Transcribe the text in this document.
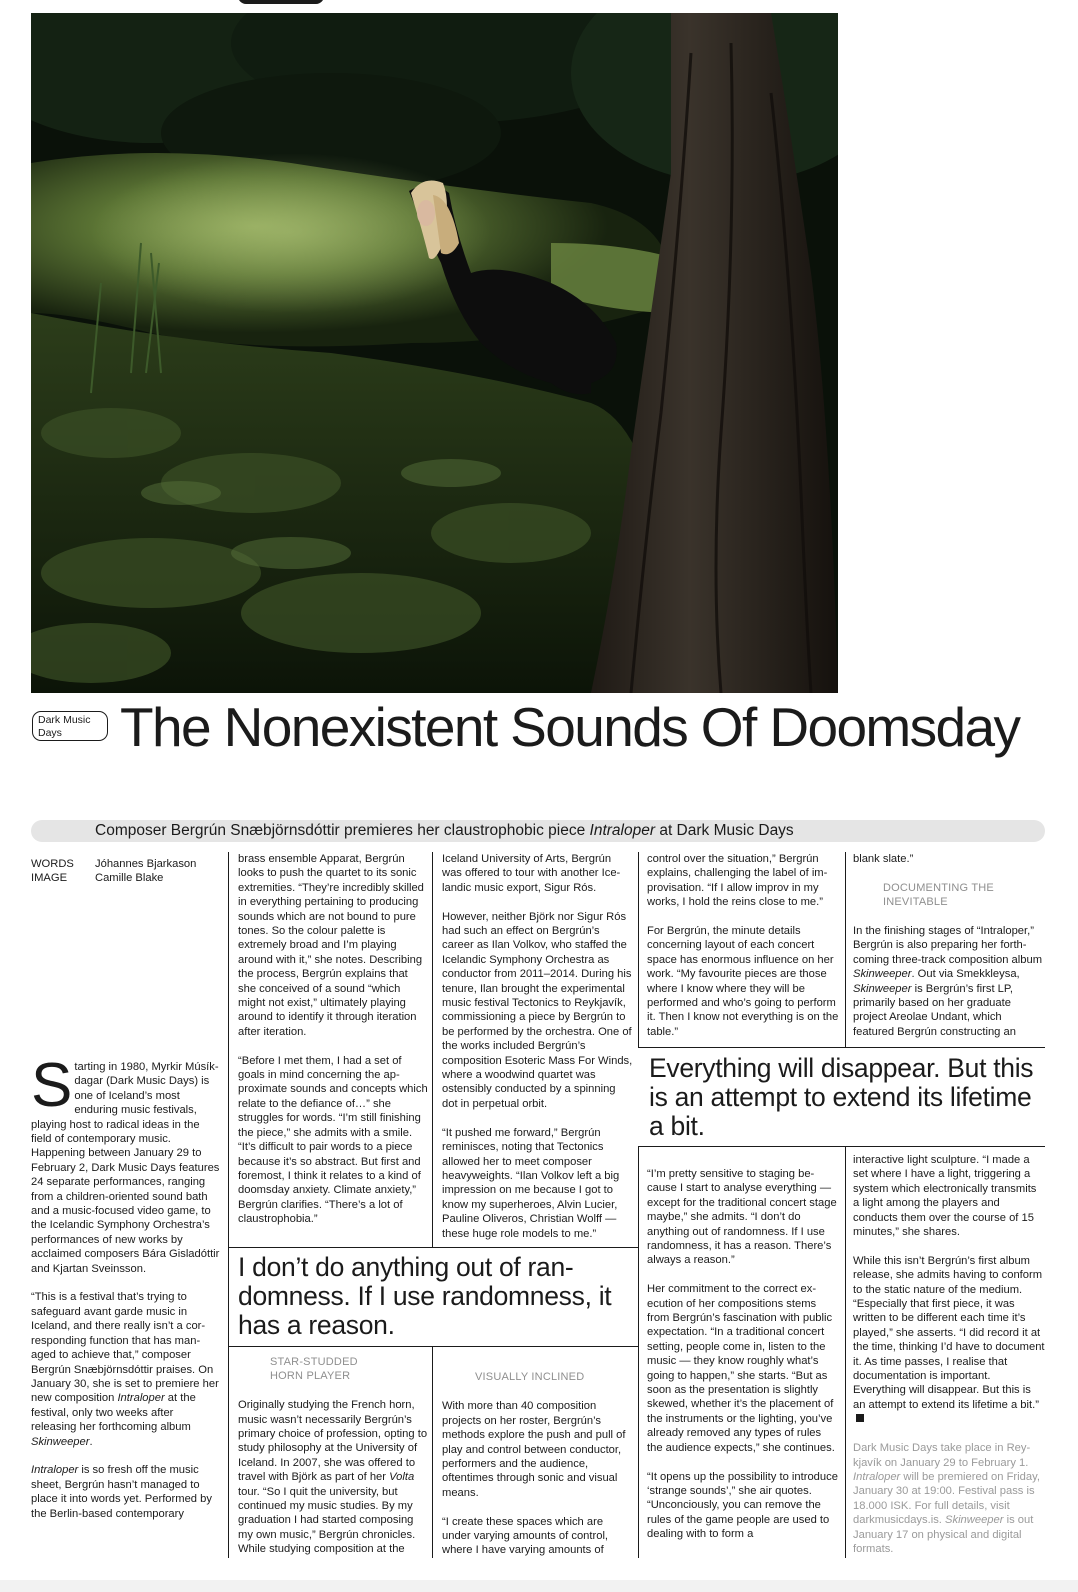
Dark Music Days	The Nonexistent Sounds Of Doomsday
Composer Bergrún Snæbjörnsdóttir premieres her claustrophobic piece Intraloper at Dark Music Days
WORDS Jóhannes Bjarkason
IMAGE Camille Blake

Starting in 1980, Myrkir Músíkdagar (Dark Music Days) is one of Iceland’s most enduring music festivals, playing host to radical ideas in the field of contemporary music. Happening between January 29 to February 2, Dark Music Days features 24 separate performances, ranging from a children-oriented sound bath and a music-focused video game, to the Icelandic Symphony Orchestra’s performances of new works by acclaimed composers Bára Gisladóttir and Kjartan Sveinsson.

“This is a festival that’s trying to safeguard avant garde music in Iceland, and there really isn’t a corresponding function that has managed to achieve that,” composer Bergrún Snæbjörnsdóttir praises. On January 30, she is set to premiere her new composition Intraloper at the festival, only two weeks after releasing her forthcoming album Skinweeper.

Intraloper is so fresh off the music sheet, Bergrún hasn’t managed to place it into words yet. Performed by the Berlin-based contemporary

brass ensemble Apparat, Bergrún looks to push the quartet to its sonic extremities. “They’re incredibly skilled in everything pertaining to producing sounds which are not bound to pure tones. So the colour palette is extremely broad and I’m playing around with it,” she notes. Describing the process, Bergrún explains that she conceived of a sound “which might not exist,” ultimately playing around to identify it through iteration after iteration.

“Before I met them, I had a set of goals in mind concerning the approximate sounds and concepts which relate to the defiance of…” she struggles for words. “I’m still finishing the piece,” she admits with a smile. “It’s difficult to pair words to a piece because it’s so abstract. But first and foremost, I think it relates to a kind of doomsday anxiety. Climate anxiety,” Bergrún clarifies. “There’s a lot of claustrophobia.”

Iceland University of Arts, Bergrún was offered to tour with another Icelandic music export, Sigur Rós.

However, neither Björk nor Sigur Rós had such an effect on Bergrún’s career as Ilan Volkov, who staffed the Icelandic Symphony Orchestra as conductor from 2011–2014. During his tenure, Ilan brought the experimental music festival Tectonics to Reykjavík, commissioning a piece by Bergrún to be performed by the orchestra. One of the works included Bergrún’s composition Esoteric Mass For Winds, where a woodwind quartet was ostensibly conducted by a spinning dot in perpetual orbit.

“It pushed me forward,” Bergrún reminisces, noting that Tectonics allowed her to meet composer heavyweights. “Ilan Volkov left a big impression on me because I got to know my superheroes, Alvin Lucier, Pauline Oliveros, Christian Wolff — these huge role models to me.”

I don’t do anything out of randomness. If I use randomness, it has a reason.

STAR-STUDDED HORN PLAYER

Originally studying the French horn, music wasn’t necessarily Bergrún’s primary choice of profession, opting to study philosophy at the University of Iceland. In 2007, she was offered to travel with Björk as part of her Volta tour. “So I quit the university, but continued my music studies. By my graduation I had started composing my own music,” Bergrún chronicles. While studying composition at the

VISUALLY INCLINED

With more than 40 composition projects on her roster, Bergrún’s methods explore the push and pull of play and control between conductor, performers and the audience, oftentimes through sonic and visual means.

“I create these spaces which are under varying amounts of control, where I have varying amounts of

control over the situation,” Bergrún explains, challenging the label of improvisation. “If I allow improv in my works, I hold the reins close to me.”

For Bergrún, the minute details concerning layout of each concert space has enormous influence on her work. “My favourite pieces are those where I know where they will be performed and who’s going to perform it. Then I know not everything is on the table.”

blank slate.”

DOCUMENTING THE INEVITABLE

In the finishing stages of “Intraloper,” Bergrún is also preparing her forthcoming three-track composition album Skinweeper. Out via Smekkleysa, Skinweeper is Bergrún’s first LP, primarily based on her graduate project Areolae Undant, which featured Bergrún constructing an

Everything will disappear. But this is an attempt to extend its lifetime a bit.

“I’m pretty sensitive to staging because I start to analyse everything — except for the traditional concert stage maybe,” she admits. “I don’t do anything out of randomness. If I use randomness, it has a reason. There’s always a reason.”

Her commitment to the correct execution of her compositions stems from Bergrún’s fascination with public expectation. “In a traditional concert setting, people come in, listen to the music — they know roughly what’s going to happen,” she starts. “But as soon as the presentation is slightly skewed, whether it’s the placement of the instruments or the lighting, you’ve already removed any types of rules the audience expects,” she continues.

“It opens up the possibility to introduce ‘strange sounds’,” she air quotes. “Unconciously, you can remove the rules of the game people are used to dealing with to form a

interactive light sculpture. “I made a set where I have a light, triggering a system which electronically transmits a light among the players and conducts them over the course of 15 minutes,” she shares.

While this isn’t Bergrún’s first album release, she admits having to conform to the static nature of the medium. “Especially that first piece, it was written to be different each time it’s played,” she asserts. “I did record it at the time, thinking I’d have to document it. As time passes, I realise that documentation is important. Everything will disappear. But this is an attempt to extend its lifetime a bit.”

Dark Music Days take place in Reykjavík on January 29 to February 1. Intraloper will be premiered on Friday, January 30 at 19:00. Festival pass is 18.000 ISK. For full details, visit darkmusicdays.is. Skinweeper is out January 17 on physical and digital formats.
